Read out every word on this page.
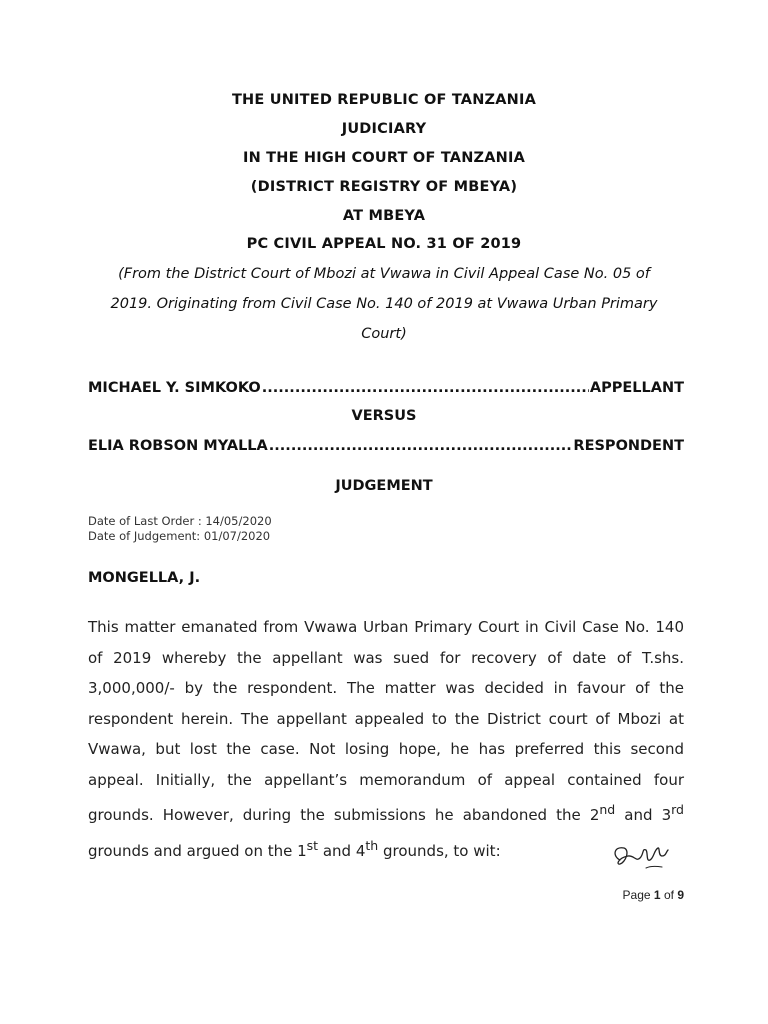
THE UNITED REPUBLIC OF TANZANIA
JUDICIARY
IN THE HIGH COURT OF TANZANIA
(DISTRICT REGISTRY OF MBEYA)
AT MBEYA
PC CIVIL APPEAL NO. 31 OF 2019
(From the District Court of Mbozi at Vwawa in Civil Appeal Case No. 05 of
2019. Originating from Civil Case No. 140 of 2019 at Vwawa Urban Primary
Court)
MICHAEL Y. SIMKOKO .....	APPELLANT
VERSUS
ELIA ROBSON MYALLA .....	RESPONDENT
JUDGEMENT
Date of Last Order : 14/05/2020
Date of Judgement: 01/07/2020
MONGELLA, J.

This matter emanated from Vwawa Urban Primary Court in Civil Case No. 140 of 2019 whereby the appellant was sued for recovery of date of T.shs. 3,000,000/- by the respondent. The matter was decided in favour of the respondent herein. The appellant appealed to the District court of Mbozi at Vwawa, but lost the case. Not losing hope, he has preferred this second appeal. Initially, the appellant’s memorandum of appeal contained four grounds. However, during the submissions he abandoned the 2nd and 3rd grounds and argued on the 1st and 4th grounds, to wit:

Page 1 of 9
